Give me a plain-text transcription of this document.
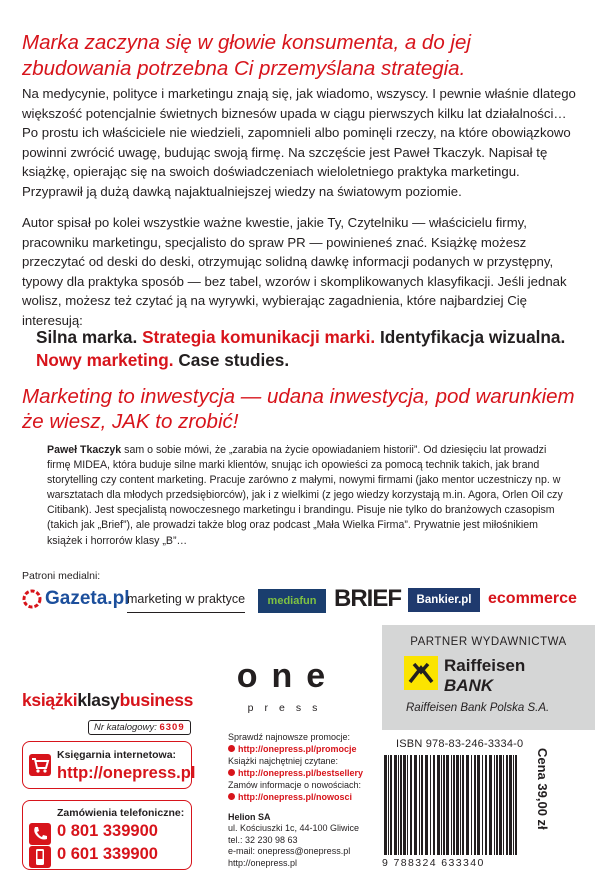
Marka zaczyna się w głowie konsumenta, a do jej zbudowania potrzebna Ci przemyślana strategia.
Na medycynie, polityce i marketingu znają się, jak wiadomo, wszyscy. I pewnie właśnie dlatego większość potencjalnie świetnych biznesów upada w ciągu pierwszych kilku lat działalności… Po prostu ich właściciele nie wiedzieli, zapomnieli albo pominęli rzeczy, na które obowiązkowo powinni zwrócić uwagę, budując swoją firmę. Na szczęście jest Paweł Tkaczyk. Napisał tę książkę, opierając się na swoich doświadczeniach wieloletniego praktyka marketingu. Przyprawił ją dużą dawką najaktualniejszej wiedzy na światowym poziomie.
Autor spisał po kolei wszystkie ważne kwestie, jakie Ty, Czytelniku — właścicielu firmy, pracowniku marketingu, specjalisto do spraw PR — powinieneś znać. Książkę możesz przeczytać od deski do deski, otrzymując solidną dawkę informacji podanych w przystępny, typowy dla praktyka sposób — bez tabel, wzorów i skomplikowanych klasyfikacji. Jeśli jednak wolisz, możesz też czytać ją na wyrywki, wybierając zagadnienia, które najbardziej Cię interesują:
Silna marka. Strategia komunikacji marki. Identyfikacja wizualna. Nowy marketing. Case studies.
Marketing to inwestycja — udana inwestycja, pod warunkiem że wiesz, JAK to zrobić!
Paweł Tkaczyk sam o sobie mówi, że „zarabia na życie opowiadaniem historii”. Od dziesięciu lat prowadzi firmę MIDEA, która buduje silne marki klientów, snując ich opowieści za pomocą technik takich, jak brand storytelling czy content marketing. Pracuje zarówno z małymi, nowymi firmami (jako mentor uczestniczy np. w warsztatach dla młodych przedsiębiorców), jak i z wielkimi (z jego wiedzy korzystają m.in. Agora, Orlen Oil czy Citibank). Jest specjalistą nowoczesnego marketingu i brandingu. Pisuje nie tylko do branżowych czasopism (takich jak „Brief”), ale prowadzi także blog oraz podcast „Mała Wielka Firma”. Prywatnie jest miłośnikiem książek i horrorów klasy „B”…
Patroni medialni:
Gazeta.pl
marketing w praktyce mediafun BRIEF Bankier.pl ecommerce
PARTNER WYDAWNICTWA
Raiffeisen
BANK
Raiffeisen Bank Polska S.A.
one
press
książkiklasybusiness
Nr katalogowy: 6309
Księgarnia internetowa:
http://onepress.pl
Zamówienia telefoniczne:
0 801 339900
0 601 339900
Sprawdź najnowsze promocje:
http://onepress.pl/promocje
Książki najchętniej czytane:
http://onepress.pl/bestsellery
Zamów informacje o nowościach:
http://onepress.pl/nowosci
Helion SA
ul. Kościuszki 1c, 44-100 Gliwice
tel.: 32 230 98 63
e-mail: onepress@onepress.pl
http://onepress.pl
ISBN 978-83-246-3334-0
9 788324 633340
Cena 39,00 zł
